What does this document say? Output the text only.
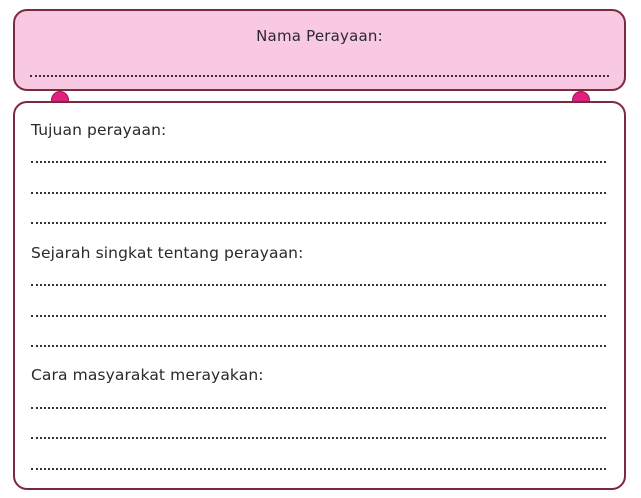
Nama Perayaan:
Tujuan perayaan:
Sejarah singkat tentang perayaan:
Cara masyarakat merayakan:
